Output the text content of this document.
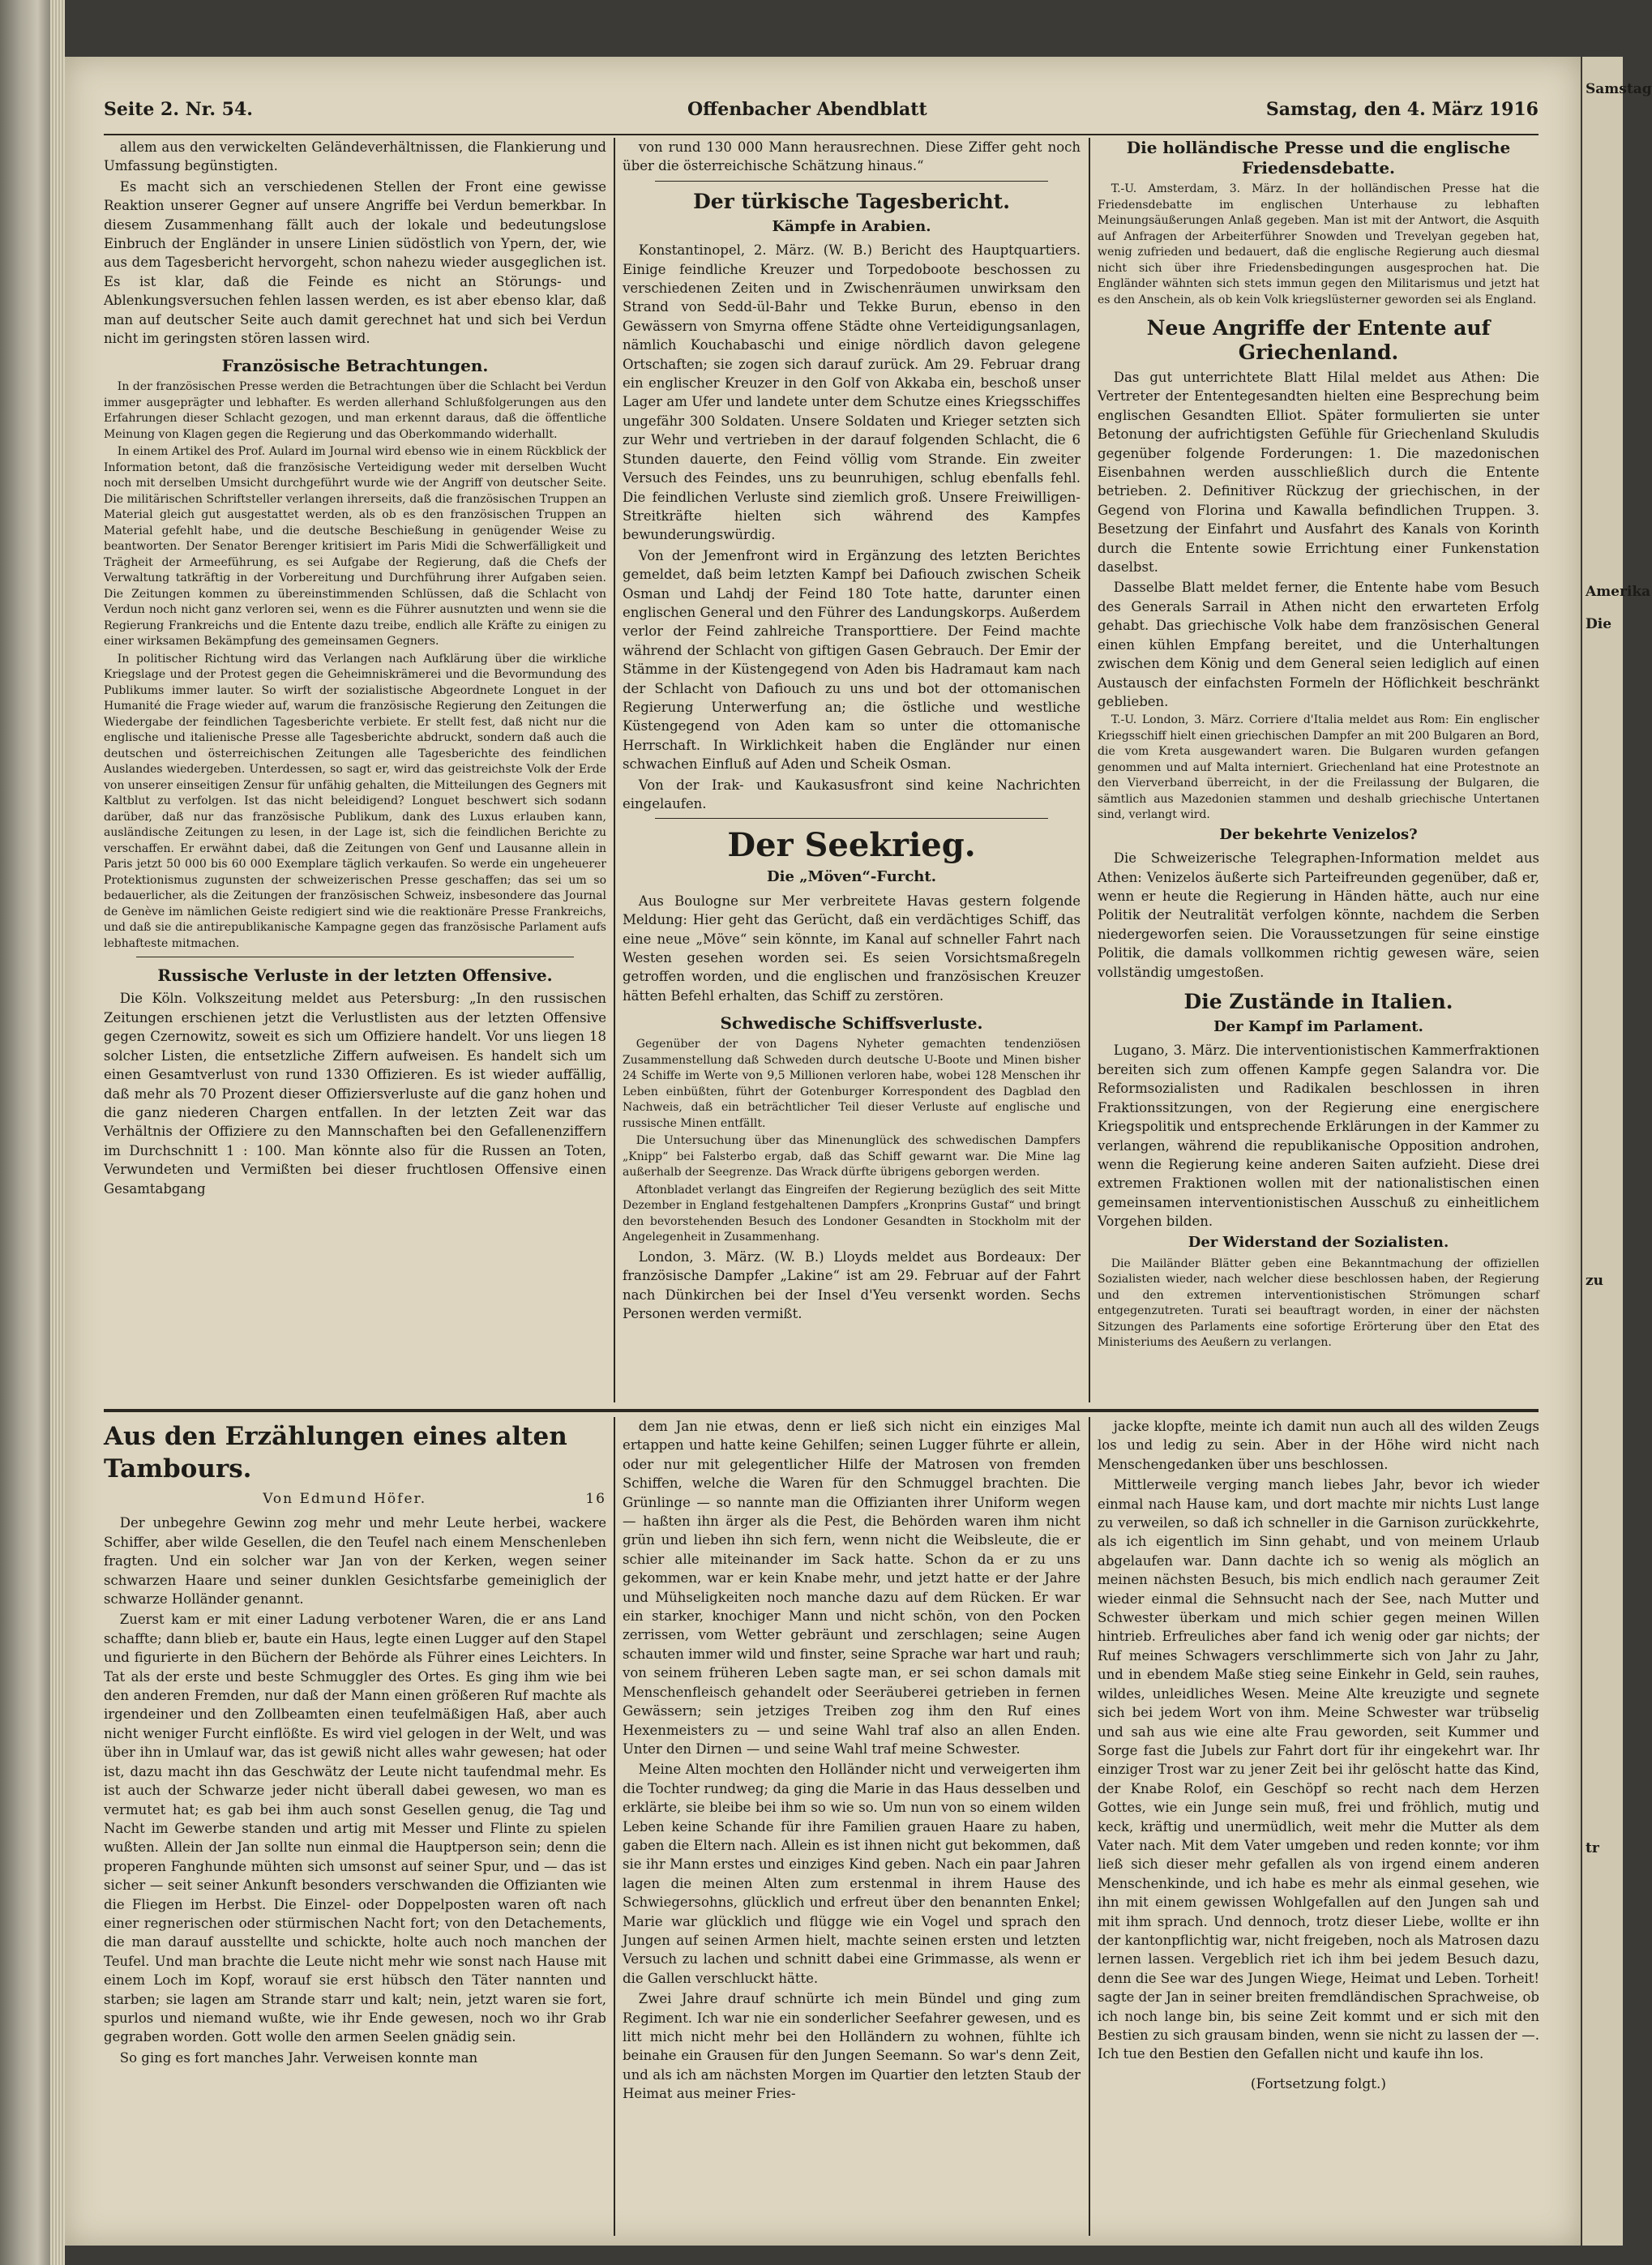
Samstag
Amerika
Die
zu
tr
Seite 2. Nr. 54.	Offenbacher Abendblatt	Samstag, den 4. März 1916

allem aus den verwickelten Geländeverhältnissen, die Flankierung und Umfassung begünstigten.

Es macht sich an verschiedenen Stellen der Front eine gewisse Reaktion unserer Gegner auf unsere Angriffe bei Verdun bemerkbar. In diesem Zusammenhang fällt auch der lokale und bedeutungslose Einbruch der Engländer in unsere Linien südöstlich von Ypern, der, wie aus dem Tagesbericht hervorgeht, schon nahezu wieder ausgeglichen ist. Es ist klar, daß die Feinde es nicht an Störungs- und Ablenkungsversuchen fehlen lassen werden, es ist aber ebenso klar, daß man auf deutscher Seite auch damit gerechnet hat und sich bei Verdun nicht im geringsten stören lassen wird.

Französische Betrachtungen.

In der französischen Presse werden die Betrachtungen über die Schlacht bei Verdun immer ausgeprägter und lebhafter. Es werden allerhand Schlußfolgerungen aus den Erfahrungen dieser Schlacht gezogen, und man erkennt daraus, daß die öffentliche Meinung von Klagen gegen die Regierung und das Oberkommando widerhallt.

In einem Artikel des Prof. Aulard im Journal wird ebenso wie in einem Rückblick der Information betont, daß die französische Verteidigung weder mit derselben Wucht noch mit derselben Umsicht durchgeführt wurde wie der Angriff von deutscher Seite. Die militärischen Schriftsteller verlangen ihrerseits, daß die französischen Truppen an Material gleich gut ausgestattet werden, als ob es den französischen Truppen an Material gefehlt habe, und die deutsche Beschießung in genügender Weise zu beantworten. Der Senator Berenger kritisiert im Paris Midi die Schwerfälligkeit und Trägheit der Armeeführung, es sei Aufgabe der Regierung, daß die Chefs der Verwaltung tatkräftig in der Vorbereitung und Durchführung ihrer Aufgaben seien. Die Zeitungen kommen zu übereinstimmenden Schlüssen, daß die Schlacht von Verdun noch nicht ganz verloren sei, wenn es die Führer ausnutzten und wenn sie die Regierung Frankreichs und die Entente dazu treibe, endlich alle Kräfte zu einigen zu einer wirksamen Bekämpfung des gemeinsamen Gegners.

In politischer Richtung wird das Verlangen nach Aufklärung über die wirkliche Kriegslage und der Protest gegen die Geheimniskrämerei und die Bevormundung des Publikums immer lauter. So wirft der sozialistische Abgeordnete Longuet in der Humanité die Frage wieder auf, warum die französische Regierung den Zeitungen die Wiedergabe der feindlichen Tagesberichte verbiete. Er stellt fest, daß nicht nur die englische und italienische Presse alle Tagesberichte abdruckt, sondern daß auch die deutschen und österreichischen Zeitungen alle Tagesberichte des feindlichen Auslandes wiedergeben. Unterdessen, so sagt er, wird das geistreichste Volk der Erde von unserer einseitigen Zensur für unfähig gehalten, die Mitteilungen des Gegners mit Kaltblut zu verfolgen. Ist das nicht beleidigend? Longuet beschwert sich sodann darüber, daß nur das französische Publikum, dank des Luxus erlauben kann, ausländische Zeitungen zu lesen, in der Lage ist, sich die feindlichen Berichte zu verschaffen. Er erwähnt dabei, daß die Zeitungen von Genf und Lausanne allein in Paris jetzt 50 000 bis 60 000 Exemplare täglich verkaufen. So werde ein ungeheuerer Protektionismus zugunsten der schweizerischen Presse geschaffen; das sei um so bedauerlicher, als die Zeitungen der französischen Schweiz, insbesondere das Journal de Genève im nämlichen Geiste redigiert sind wie die reaktionäre Presse Frankreichs, und daß sie die antirepublikanische Kampagne gegen das französische Parlament aufs lebhafteste mitmachen.

Russische Verluste in der letzten Offensive.

Die Köln. Volkszeitung meldet aus Petersburg: „In den russischen Zeitungen erschienen jetzt die Verlustlisten aus der letzten Offensive gegen Czernowitz, soweit es sich um Offiziere handelt. Vor uns liegen 18 solcher Listen, die entsetzliche Ziffern aufweisen. Es handelt sich um einen Gesamtverlust von rund 1330 Offizieren. Es ist wieder auffällig, daß mehr als 70 Prozent dieser Offiziersverluste auf die ganz hohen und die ganz niederen Chargen entfallen. In der letzten Zeit war das Verhältnis der Offiziere zu den Mannschaften bei den Gefallenenziffern im Durchschnitt 1 : 100. Man könnte also für die Russen an Toten, Verwundeten und Vermißten bei dieser fruchtlosen Offensive einen Gesamtabgang

von rund 130 000 Mann herausrechnen. Diese Ziffer geht noch über die österreichische Schätzung hinaus.“

Der türkische Tagesbericht.
Kämpfe in Arabien.

Konstantinopel, 2. März. (W. B.) Bericht des Hauptquartiers. Einige feindliche Kreuzer und Torpedoboote beschossen zu verschiedenen Zeiten und in Zwischenräumen unwirksam den Strand von Sedd-ül-Bahr und Tekke Burun, ebenso in den Gewässern von Smyrna offene Städte ohne Verteidigungsanlagen, nämlich Kouchabaschi und einige nördlich davon gelegene Ortschaften; sie zogen sich darauf zurück. Am 29. Februar drang ein englischer Kreuzer in den Golf von Akkaba ein, beschoß unser Lager am Ufer und landete unter dem Schutze eines Kriegsschiffes ungefähr 300 Soldaten. Unsere Soldaten und Krieger setzten sich zur Wehr und vertrieben in der darauf folgenden Schlacht, die 6 Stunden dauerte, den Feind völlig vom Strande. Ein zweiter Versuch des Feindes, uns zu beunruhigen, schlug ebenfalls fehl. Die feindlichen Verluste sind ziemlich groß. Unsere Freiwilligen-Streitkräfte hielten sich während des Kampfes bewunderungswürdig.

Von der Jemenfront wird in Ergänzung des letzten Berichtes gemeldet, daß beim letzten Kampf bei Dafiouch zwischen Scheik Osman und Lahdj der Feind 180 Tote hatte, darunter einen englischen General und den Führer des Landungskorps. Außerdem verlor der Feind zahlreiche Transporttiere. Der Feind machte während der Schlacht von giftigen Gasen Gebrauch. Der Emir der Stämme in der Küstengegend von Aden bis Hadramaut kam nach der Schlacht von Dafiouch zu uns und bot der ottomanischen Regierung Unterwerfung an; die östliche und westliche Küstengegend von Aden kam so unter die ottomanische Herrschaft. In Wirklichkeit haben die Engländer nur einen schwachen Einfluß auf Aden und Scheik Osman.

Von der Irak- und Kaukasusfront sind keine Nachrichten eingelaufen.

Der Seekrieg.
Die „Möven“-Furcht.

Aus Boulogne sur Mer verbreitete Havas gestern folgende Meldung: Hier geht das Gerücht, daß ein verdächtiges Schiff, das eine neue „Möve“ sein könnte, im Kanal auf schneller Fahrt nach Westen gesehen worden sei. Es seien Vorsichtsmaßregeln getroffen worden, und die englischen und französischen Kreuzer hätten Befehl erhalten, das Schiff zu zerstören.

Schwedische Schiffsverluste.

Gegenüber der von Dagens Nyheter gemachten tendenziösen Zusammenstellung daß Schweden durch deutsche U-Boote und Minen bisher 24 Schiffe im Werte von 9,5 Millionen verloren habe, wobei 128 Menschen ihr Leben einbüßten, führt der Gotenburger Korrespondent des Dagblad den Nachweis, daß ein beträchtlicher Teil dieser Verluste auf englische und russische Minen entfällt.

Die Untersuchung über das Minenunglück des schwedischen Dampfers „Knipp“ bei Falsterbo ergab, daß das Schiff gewarnt war. Die Mine lag außerhalb der Seegrenze. Das Wrack dürfte übrigens geborgen werden.

Aftonbladet verlangt das Eingreifen der Regierung bezüglich des seit Mitte Dezember in England festgehaltenen Dampfers „Kronprins Gustaf“ und bringt den bevorstehenden Besuch des Londoner Gesandten in Stockholm mit der Angelegenheit in Zusammenhang.

London, 3. März. (W. B.) Lloyds meldet aus Bordeaux: Der französische Dampfer „Lakine“ ist am 29. Februar auf der Fahrt nach Dünkirchen bei der Insel d'Yeu versenkt worden. Sechs Personen werden vermißt.

Die holländische Presse und die englische Friedensdebatte.

T.-U. Amsterdam, 3. März. In der holländischen Presse hat die Friedensdebatte im englischen Unterhause zu lebhaften Meinungsäußerungen Anlaß gegeben. Man ist mit der Antwort, die Asquith auf Anfragen der Arbeiterführer Snowden und Trevelyan gegeben hat, wenig zufrieden und bedauert, daß die englische Regierung auch diesmal nicht sich über ihre Friedensbedingungen ausgesprochen hat. Die Engländer wähnten sich stets immun gegen den Militarismus und jetzt hat es den Anschein, als ob kein Volk kriegslüsterner geworden sei als England.

Neue Angriffe der Entente auf Griechenland.

Das gut unterrichtete Blatt Hilal meldet aus Athen: Die Vertreter der Ententegesandten hielten eine Besprechung beim englischen Gesandten Elliot. Später formulierten sie unter Betonung der aufrichtigsten Gefühle für Griechenland Skuludis gegenüber folgende Forderungen: 1. Die mazedonischen Eisenbahnen werden ausschließlich durch die Entente betrieben. 2. Definitiver Rückzug der griechischen, in der Gegend von Florina und Kawalla befindlichen Truppen. 3. Besetzung der Einfahrt und Ausfahrt des Kanals von Korinth durch die Entente sowie Errichtung einer Funkenstation daselbst.

Dasselbe Blatt meldet ferner, die Entente habe vom Besuch des Generals Sarrail in Athen nicht den erwarteten Erfolg gehabt. Das griechische Volk habe dem französischen General einen kühlen Empfang bereitet, und die Unterhaltungen zwischen dem König und dem General seien lediglich auf einen Austausch der einfachsten Formeln der Höflichkeit beschränkt geblieben.

T.-U. London, 3. März. Corriere d'Italia meldet aus Rom: Ein englischer Kriegsschiff hielt einen griechischen Dampfer an mit 200 Bulgaren an Bord, die vom Kreta ausgewandert waren. Die Bulgaren wurden gefangen genommen und auf Malta interniert. Griechenland hat eine Protestnote an den Vierverband überreicht, in der die Freilassung der Bulgaren, die sämtlich aus Mazedonien stammen und deshalb griechische Untertanen sind, verlangt wird.

Der bekehrte Venizelos?

Die Schweizerische Telegraphen-Information meldet aus Athen: Venizelos äußerte sich Parteifreunden gegenüber, daß er, wenn er heute die Regierung in Händen hätte, auch nur eine Politik der Neutralität verfolgen könnte, nachdem die Serben niedergeworfen seien. Die Voraussetzungen für seine einstige Politik, die damals vollkommen richtig gewesen wäre, seien vollständig umgestoßen.

Die Zustände in Italien.
Der Kampf im Parlament.

Lugano, 3. März. Die interventionistischen Kammerfraktionen bereiten sich zum offenen Kampfe gegen Salandra vor. Die Reformsozialisten und Radikalen beschlossen in ihren Fraktionssitzungen, von der Regierung eine energischere Kriegspolitik und entsprechende Erklärungen in der Kammer zu verlangen, während die republikanische Opposition androhen, wenn die Regierung keine anderen Saiten aufzieht. Diese drei extremen Fraktionen wollen mit der nationalistischen einen gemeinsamen interventionistischen Ausschuß zu einheitlichem Vorgehen bilden.

Der Widerstand der Sozialisten.

Die Mailänder Blätter geben eine Bekanntmachung der offiziellen Sozialisten wieder, nach welcher diese beschlossen haben, der Regierung und den extremen interventionistischen Strömungen scharf entgegenzutreten. Turati sei beauftragt worden, in einer der nächsten Sitzungen des Parlaments eine sofortige Erörterung über den Etat des Ministeriums des Aeußern zu verlangen.

Aus den Erzählungen eines alten Tambours.
Von Edmund Höfer.	16

Der unbegehre Gewinn zog mehr und mehr Leute herbei, wackere Schiffer, aber wilde Gesellen, die den Teufel nach einem Menschenleben fragten. Und ein solcher war Jan von der Kerken, wegen seiner schwarzen Haare und seiner dunklen Gesichtsfarbe gemeiniglich der schwarze Holländer genannt.

Zuerst kam er mit einer Ladung verbotener Waren, die er ans Land schaffte; dann blieb er, baute ein Haus, legte einen Lugger auf den Stapel und figurierte in den Büchern der Behörde als Führer eines Leichters. In Tat als der erste und beste Schmuggler des Ortes. Es ging ihm wie bei den anderen Fremden, nur daß der Mann einen größeren Ruf machte als irgendeiner und den Zollbeamten einen teufelmäßigen Haß, aber auch nicht weniger Furcht einflößte. Es wird viel gelogen in der Welt, und was über ihn in Umlauf war, das ist gewiß nicht alles wahr gewesen; hat oder ist, dazu macht ihn das Geschwätz der Leute nicht taufendmal mehr. Es ist auch der Schwarze jeder nicht überall dabei gewesen, wo man es vermutet hat; es gab bei ihm auch sonst Gesellen genug, die Tag und Nacht im Gewerbe standen und artig mit Messer und Flinte zu spielen wußten. Allein der Jan sollte nun einmal die Hauptperson sein; denn die properen Fanghunde mühten sich umsonst auf seiner Spur, und — das ist sicher — seit seiner Ankunft besonders verschwanden die Offizianten wie die Fliegen im Herbst. Die Einzel- oder Doppelposten waren oft nach einer regnerischen oder stürmischen Nacht fort; von den Detachements, die man darauf ausstellte und schickte, holte auch noch manchen der Teufel. Und man brachte die Leute nicht mehr wie sonst nach Hause mit einem Loch im Kopf, worauf sie erst hübsch den Täter nannten und starben; sie lagen am Strande starr und kalt; nein, jetzt waren sie fort, spurlos und niemand wußte, wie ihr Ende gewesen, noch wo ihr Grab gegraben worden. Gott wolle den armen Seelen gnädig sein.

So ging es fort manches Jahr. Verweisen konnte man

dem Jan nie etwas, denn er ließ sich nicht ein einziges Mal ertappen und hatte keine Gehilfen; seinen Lugger führte er allein, oder nur mit gelegentlicher Hilfe der Matrosen von fremden Schiffen, welche die Waren für den Schmuggel brachten. Die Grünlinge — so nannte man die Offizianten ihrer Uniform wegen — haßten ihn ärger als die Pest, die Behörden waren ihm nicht grün und lieben ihn sich fern, wenn nicht die Weibsleute, die er schier alle miteinander im Sack hatte. Schon da er zu uns gekommen, war er kein Knabe mehr, und jetzt hatte er der Jahre und Mühseligkeiten noch manche dazu auf dem Rücken. Er war ein starker, knochiger Mann und nicht schön, von den Pocken zerrissen, vom Wetter gebräunt und zerschlagen; seine Augen schauten immer wild und finster, seine Sprache war hart und rauh; von seinem früheren Leben sagte man, er sei schon damals mit Menschenfleisch gehandelt oder Seeräuberei getrieben in fernen Gewässern; sein jetziges Treiben zog ihm den Ruf eines Hexenmeisters zu — und seine Wahl traf also an allen Enden. Unter den Dirnen — und seine Wahl traf meine Schwester.

Meine Alten mochten den Holländer nicht und verweigerten ihm die Tochter rundweg; da ging die Marie in das Haus desselben und erklärte, sie bleibe bei ihm so wie so. Um nun von so einem wilden Leben keine Schande für ihre Familien grauen Haare zu haben, gaben die Eltern nach. Allein es ist ihnen nicht gut bekommen, daß sie ihr Mann erstes und einziges Kind geben. Nach ein paar Jahren lagen die meinen Alten zum erstenmal in ihrem Hause des Schwiegersohns, glücklich und erfreut über den benannten Enkel; Marie war glücklich und flügge wie ein Vogel und sprach den Jungen auf seinen Armen hielt, machte seinen ersten und letzten Versuch zu lachen und schnitt dabei eine Grimmasse, als wenn er die Gallen verschluckt hätte.

Zwei Jahre drauf schnürte ich mein Bündel und ging zum Regiment. Ich war nie ein sonderlicher Seefahrer gewesen, und es litt mich nicht mehr bei den Holländern zu wohnen, fühlte ich beinahe ein Grausen für den Jungen Seemann. So war's denn Zeit, und als ich am nächsten Morgen im Quartier den letzten Staub der Heimat aus meiner Fries-

jacke klopfte, meinte ich damit nun auch all des wilden Zeugs los und ledig zu sein. Aber in der Höhe wird nicht nach Menschengedanken über uns beschlossen.

Mittlerweile verging manch liebes Jahr, bevor ich wieder einmal nach Hause kam, und dort machte mir nichts Lust lange zu verweilen, so daß ich schneller in die Garnison zurückkehrte, als ich eigentlich im Sinn gehabt, und von meinem Urlaub abgelaufen war. Dann dachte ich so wenig als möglich an meinen nächsten Besuch, bis mich endlich nach geraumer Zeit wieder einmal die Sehnsucht nach der See, nach Mutter und Schwester überkam und mich schier gegen meinen Willen hintrieb. Erfreuliches aber fand ich wenig oder gar nichts; der Ruf meines Schwagers verschlimmerte sich von Jahr zu Jahr, und in ebendem Maße stieg seine Einkehr in Geld, sein rauhes, wildes, unleidliches Wesen. Meine Alte kreuzigte und segnete sich bei jedem Wort von ihm. Meine Schwester war trübselig und sah aus wie eine alte Frau geworden, seit Kummer und Sorge fast die Jubels zur Fahrt dort für ihr eingekehrt war. Ihr einziger Trost war zu jener Zeit bei ihr gelöscht hatte das Kind, der Knabe Rolof, ein Geschöpf so recht nach dem Herzen Gottes, wie ein Junge sein muß, frei und fröhlich, mutig und keck, kräftig und unermüdlich, weit mehr die Mutter als dem Vater nach. Mit dem Vater umgeben und reden konnte; vor ihm ließ sich dieser mehr gefallen als von irgend einem anderen Menschenkinde, und ich habe es mehr als einmal gesehen, wie ihn mit einem gewissen Wohlgefallen auf den Jungen sah und mit ihm sprach. Und dennoch, trotz dieser Liebe, wollte er ihn der kantonpflichtig war, nicht freigeben, noch als Matrosen dazu lernen lassen. Vergeblich riet ich ihm bei jedem Besuch dazu, denn die See war des Jungen Wiege, Heimat und Leben. Torheit! sagte der Jan in seiner breiten fremdländischen Sprachweise, ob ich noch lange bin, bis seine Zeit kommt und er sich mit den Bestien zu sich grausam binden, wenn sie nicht zu lassen der —. Ich tue den Bestien den Gefallen nicht und kaufe ihn los.

(Fortsetzung folgt.)
